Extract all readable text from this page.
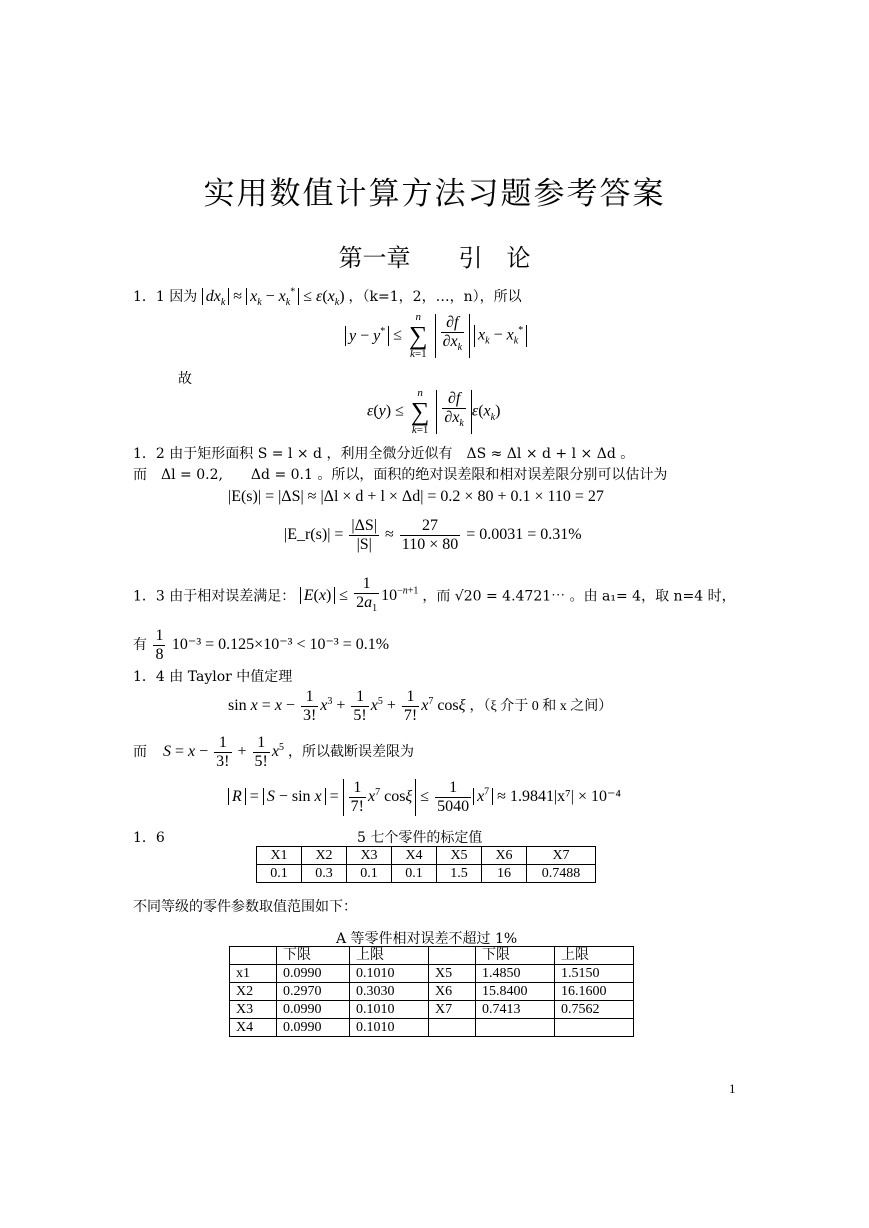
实用数值计算方法习题参考答案
第一章　　引　论
1．1 因为 $dx_k \approx x_k - x_k^* \le \varepsilon(x_k)$ ，（k=1，2，…，n），所以
y − y* ≤ n
∑
$k=1 \frac{\partial f}{\partial x_k} x_k - x_k^*$
故
ε(y) ≤ n
∑
$k=1 \frac{\partial f}{\partial x_k} \varepsilon(x_k)$
1．2 由于矩形面积 S = l × d ，利用全微分近似有　ΔS ≈ Δl × d + l × Δd 。
而　Δl = 0.2,　　Δd = 0.1 。所以，面积的绝对误差限和相对误差限分别可以估计为
|E(s)| = |ΔS| ≈ |Δl × d + l × Δd| = 0.2 × 80 + 0.1 × 110 = 27
|E_r(s)| = $\frac{|\Delta S|}{|S|} \approx \frac{27}{110 \times 80} = 0.0031 = 0.31\%$
1．3 由于相对误差满足： $E(x) \le \frac{1}{2a_1} 10^{-n+1}$ ，而 √20 = 4.4721⋯ 。由 a₁= 4，取 n=4 时，
有 $\frac{1}{8} 10^{-3} = 0.125\times 10^{-3} < 10^{-3} = 0.1\%$
1．4 由 Taylor 中值定理
$\sin x = x - \frac{1}{3!} x^3 + \frac{1}{5!} x^5 + \frac{1}{7!} x^7$ cosξ ，（ξ 介于 0 和 x 之间）
而 $S = x - \frac{1}{3!} + \frac{1}{5!} x^5$ ，所以截断误差限为
$R = S - \sin x = \frac{1}{7!} x^7$ $\cos\xi \le \frac{1}{5040} x^7 \approx 1.9841|x^7| \times 10^{-4}$
1．6	5 七个零件的标定值
X1	X2	X3	X4	X5	X6	X7
0.1	0.3	0.1	0.1	1.5	16	0.7488
不同等级的零件参数取值范围如下：
A 等零件相对误差不超过 1%
	下限	上限		下限	上限
x1	0.0990	0.1010	X5	1.4850	1.5150
X2	0.2970	0.3030	X6	15.8400	16.1600
X3	0.0990	0.1010	X7	0.7413	0.7562
X4	0.0990	0.1010			
1
